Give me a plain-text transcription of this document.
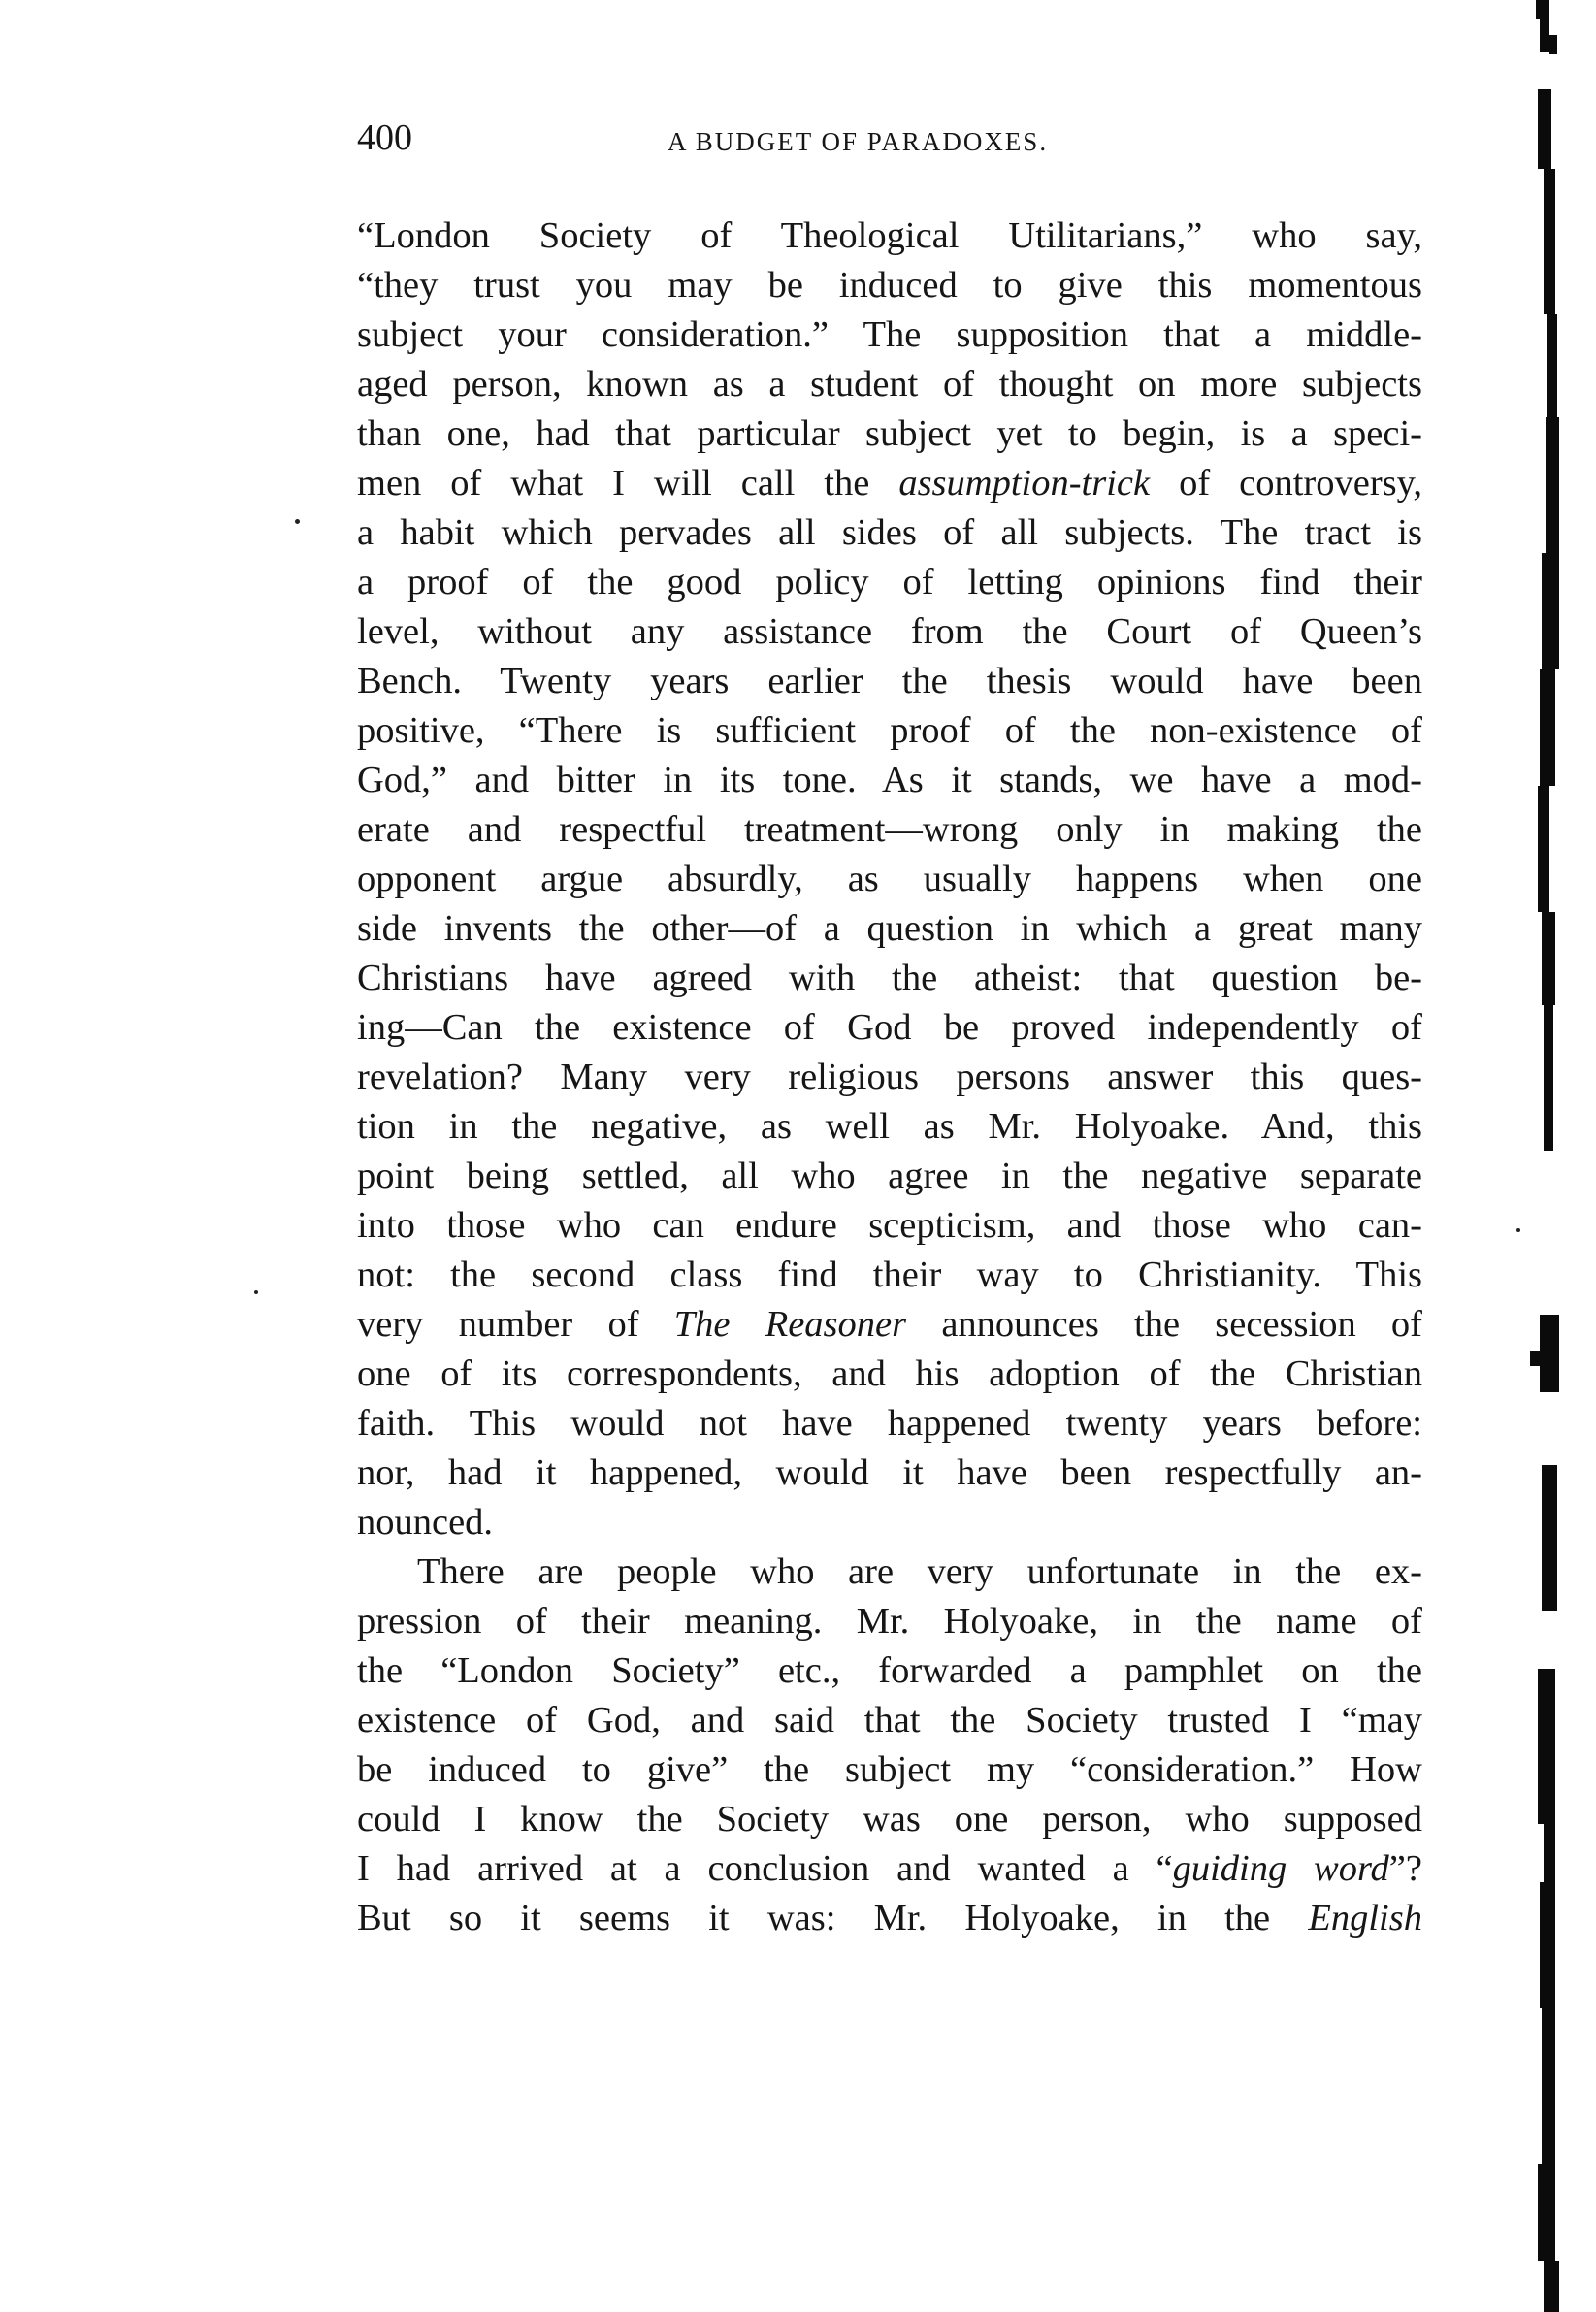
400	A BUDGET OF PARADOXES.
“London Society of Theological Utilitarians,” who say,
“they trust you may be induced to give this momentous
subject your consideration.” The supposition that a middle-
aged person, known as a student of thought on more subjects
than one, had that particular subject yet to begin, is a speci-
men of what I will call the assumption-trick of controversy,
a habit which pervades all sides of all subjects. The tract is
a proof of the good policy of letting opinions find their
level, without any assistance from the Court of Queen’s
Bench. Twenty years earlier the thesis would have been
positive, “There is sufficient proof of the non-existence of
God,” and bitter in its tone. As it stands, we have a mod-
erate and respectful treatment—wrong only in making the
opponent argue absurdly, as usually happens when one
side invents the other—of a question in which a great many
Christians have agreed with the atheist: that question be-
ing—Can the existence of God be proved independently of
revelation? Many very religious persons answer this ques-
tion in the negative, as well as Mr. Holyoake. And, this
point being settled, all who agree in the negative separate
into those who can endure scepticism, and those who can-
not: the second class find their way to Christianity. This
very number of The Reasoner announces the secession of
one of its correspondents, and his adoption of the Christian
faith. This would not have happened twenty years before:
nor, had it happened, would it have been respectfully an-
nounced.
There are people who are very unfortunate in the ex-
pression of their meaning. Mr. Holyoake, in the name of
the “London Society” etc., forwarded a pamphlet on the
existence of God, and said that the Society trusted I “may
be induced to give” the subject my “consideration.” How
could I know the Society was one person, who supposed
I had arrived at a conclusion and wanted a “guiding word”?
But so it seems it was: Mr. Holyoake, in the English
